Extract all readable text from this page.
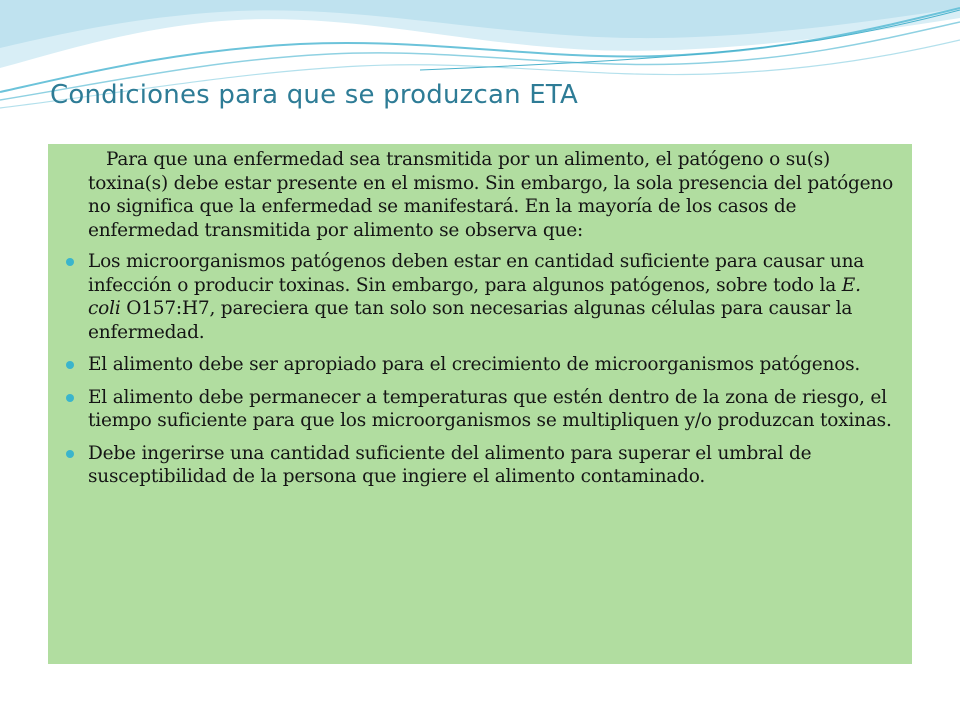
Condiciones para que se produzcan ETA

Para que una enfermedad sea transmitida por un alimento, el patógeno o su(s) toxina(s) debe estar presente en el mismo. Sin embargo, la sola presencia del patógeno no significa que la enfermedad se manifestará. En la mayoría de los casos de enfermedad transmitida por alimento se observa que:

Los microorganismos patógenos deben estar en cantidad suficiente para causar una infección o producir toxinas. Sin embargo, para algunos patógenos, sobre todo la E. coli O157:H7, pareciera que tan solo son necesarias algunas células para causar la enfermedad.
El alimento debe ser apropiado para el crecimiento de microorganismos patógenos.
El alimento debe permanecer a temperaturas que estén dentro de la zona de riesgo, el tiempo suficiente para que los microorganismos se multipliquen y/o produzcan toxinas.
Debe ingerirse una cantidad suficiente del alimento para superar el umbral de susceptibilidad de la persona que ingiere el alimento contaminado.
